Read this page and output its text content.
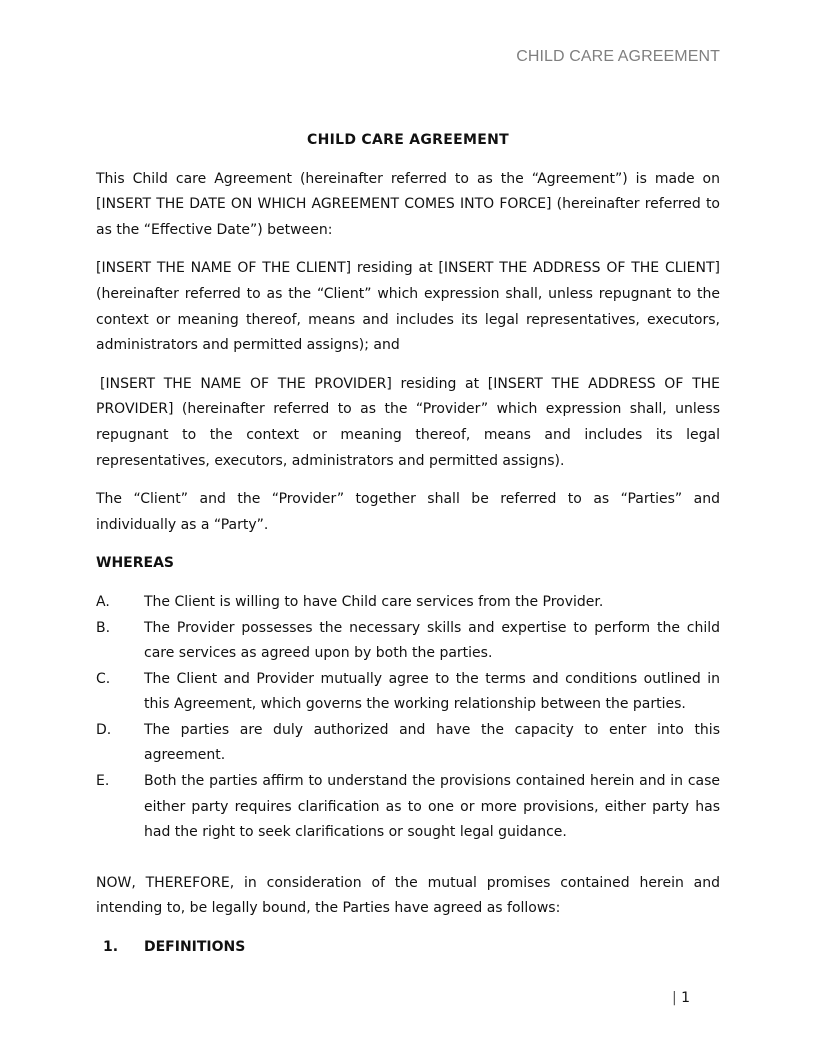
CHILD CARE AGREEMENT
CHILD CARE AGREEMENT

This Child care Agreement (hereinafter referred to as the “Agreement”) is made on [INSERT THE DATE ON WHICH AGREEMENT COMES INTO FORCE] (hereinafter referred to as the “Effective Date”) between:

[INSERT THE NAME OF THE CLIENT] residing at [INSERT THE ADDRESS OF THE CLIENT] (hereinafter referred to as the “Client” which expression shall, unless repugnant to the context or meaning thereof, means and includes its legal representatives, executors, administrators and permitted assigns); and

[INSERT THE NAME OF THE PROVIDER] residing at [INSERT THE ADDRESS OF THE PROVIDER] (hereinafter referred to as the “Provider” which expression shall, unless repugnant to the context or meaning thereof, means and includes its legal representatives, executors, administrators and permitted assigns).

The “Client” and the “Provider” together shall be referred to as “Parties” and individually as a “Party”.

WHEREAS
A.	The Client is willing to have Child care services from the Provider.
B.	The Provider possesses the necessary skills and expertise to perform the child care services as agreed upon by both the parties.
C.	The Client and Provider mutually agree to the terms and conditions outlined in this Agreement, which governs the working relationship between the parties.
D.	The parties are duly authorized and have the capacity to enter into this agreement.
E.	Both the parties affirm to understand the provisions contained herein and in case either party requires clarification as to one or more provisions, either party has had the right to seek clarifications or sought legal guidance.

NOW, THEREFORE, in consideration of the mutual promises contained herein and intending to, be legally bound, the Parties have agreed as follows:

1.	DEFINITIONS
| 1
